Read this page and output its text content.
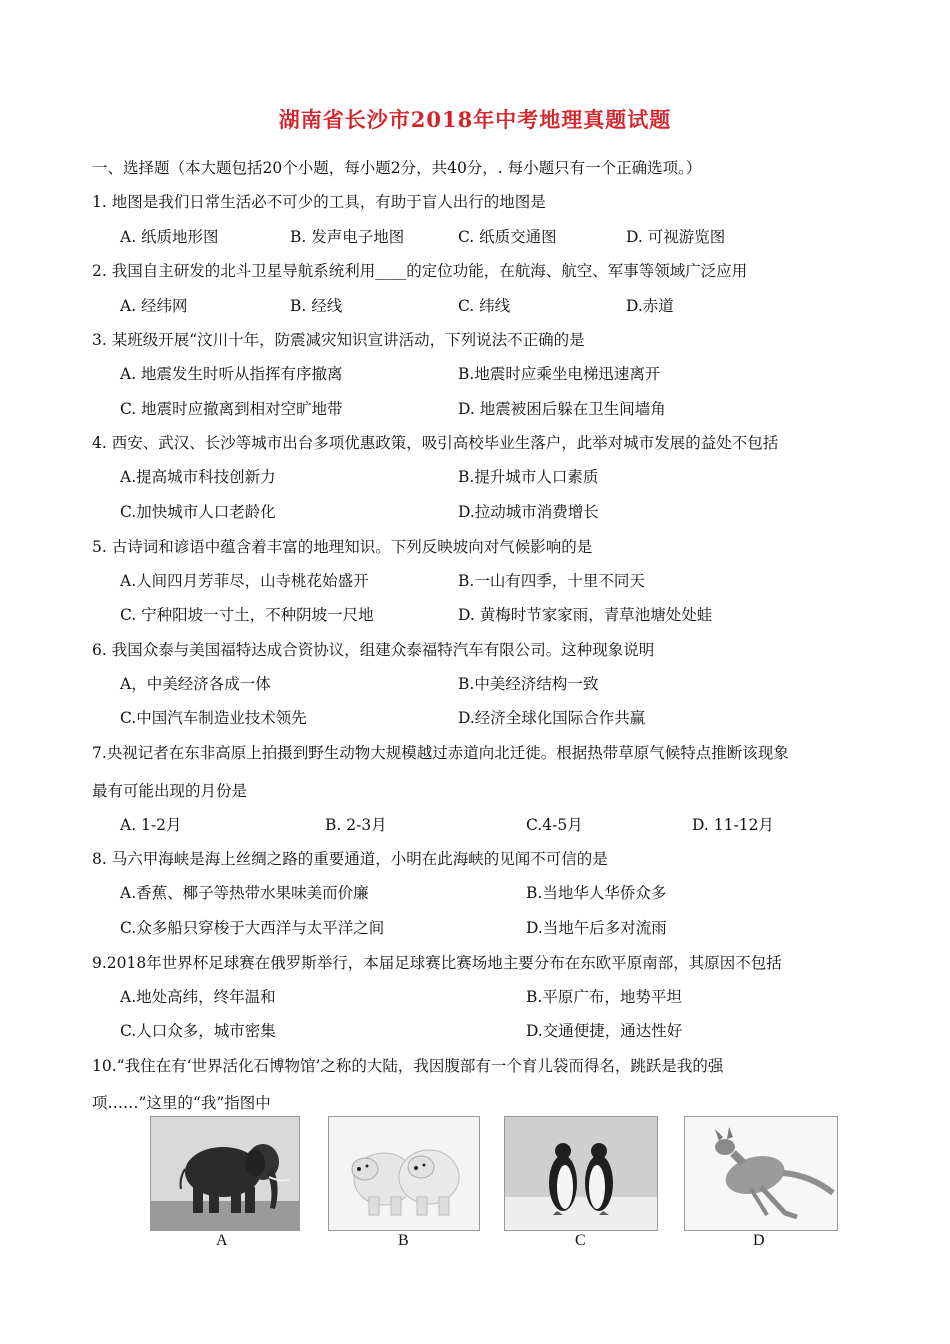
湖南省长沙市2018年中考地理真题试题
一、选择题（本大题包括20个小题，每小题2分，共40分，. 每小题只有一个正确选项。）
1. 地图是我们日常生活必不可少的工具，有助于盲人出行的地图是
A. 纸质地形图	B. 发声电子地图	C. 纸质交通图	D. 可视游览图
2. 我国自主研发的北斗卫星导航系统利用____的定位功能，在航海、航空、军事等领域广泛应用
A. 经纬网	B. 经线	C. 纬线	D.赤道
3. 某班级开展“汶川十年，防震减灾知识宣讲活动，下列说法不正确的是
A. 地震发生时听从指挥有序撤离	B.地震时应乘坐电梯迅速离开
C. 地震时应撤离到相对空旷地带	D. 地震被困后躲在卫生间墙角
4. 西安、武汉、长沙等城市出台多项优惠政策，吸引高校毕业生落户，此举对城市发展的益处不包括
A.提高城市科技创新力	B.提升城市人口素质
C.加快城市人口老龄化	D.拉动城市消费增长
5. 古诗词和谚语中蕴含着丰富的地理知识。下列反映坡向对气候影响的是
A.人间四月芳菲尽，山寺桃花始盛开	B.一山有四季，十里不同天
C. 宁种阳坡一寸土，不种阴坡一尺地	D. 黄梅时节家家雨，青草池塘处处蛙
6. 我国众泰与美国福特达成合资协议，组建众泰福特汽车有限公司。这种现象说明
A，中美经济各成一体	B.中美经济结构一致
C.中国汽车制造业技术领先	D.经济全球化国际合作共赢
7.央视记者在东非高原上拍摄到野生动物大规模越过赤道向北迁徙。根据热带草原气候特点推断该现象
最有可能出现的月份是
A. 1-2月	B. 2-3月	C.4-5月	D. 11-12月
8. 马六甲海峡是海上丝绸之路的重要通道，小明在此海峡的见闻不可信的是
A.香蕉、椰子等热带水果味美而价廉	B.当地华人华侨众多
C.众多船只穿梭于大西洋与太平洋之间	D.当地午后多对流雨
9.2018年世界杯足球赛在俄罗斯举行，本届足球赛比赛场地主要分布在东欧平原南部，其原因不包括
A.地处高纬，终年温和	B.平原广布，地势平坦
C.人口众多，城市密集	D.交通便捷，通达性好
10.“我住在有‘世界活化石博物馆’之称的大陆，我因腹部有一个育儿袋而得名，跳跃是我的强
项……”这里的“我”指图中
A	B	C	D
